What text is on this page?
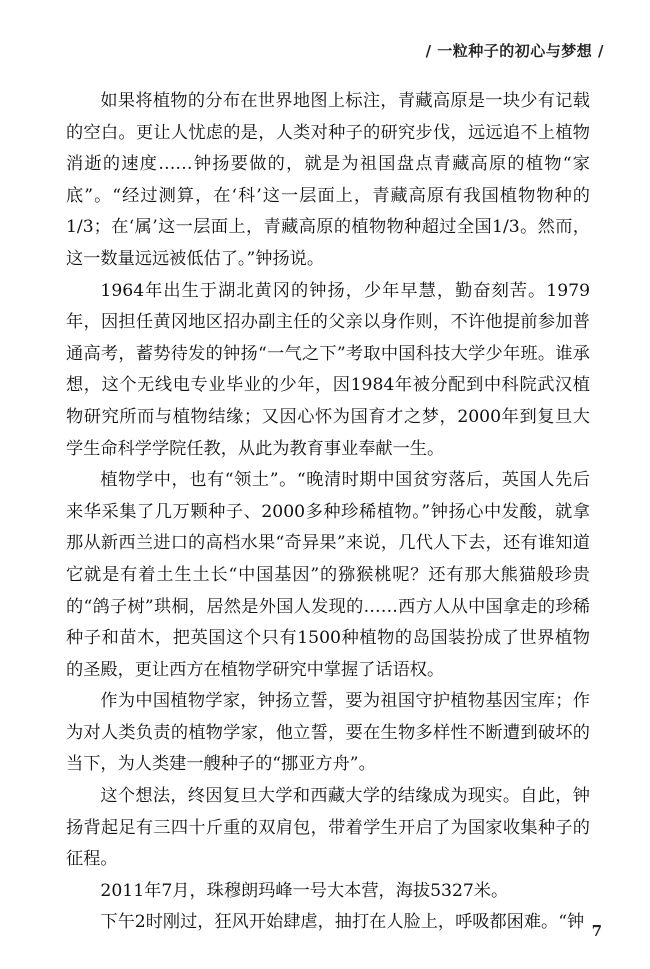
/ 一粒种子的初心与梦想 /

如果将植物的分布在世界地图上标注，青藏高原是一块少有记载的空白。更让人忧虑的是，人类对种子的研究步伐，远远追不上植物消逝的速度……钟扬要做的，就是为祖国盘点青藏高原的植物“家底”。“经过测算，在‘科’这一层面上，青藏高原有我国植物物种的1/3；在‘属’这一层面上，青藏高原的植物物种超过全国1/3。然而，这一数量远远被低估了。”钟扬说。

1964年出生于湖北黄冈的钟扬，少年早慧，勤奋刻苦。1979年，因担任黄冈地区招办副主任的父亲以身作则，不许他提前参加普通高考，蓄势待发的钟扬“一气之下”考取中国科技大学少年班。谁承想，这个无线电专业毕业的少年，因1984年被分配到中科院武汉植物研究所而与植物结缘；又因心怀为国育才之梦，2000年到复旦大学生命科学学院任教，从此为教育事业奉献一生。

植物学中，也有“领土”。“晚清时期中国贫穷落后，英国人先后来华采集了几万颗种子、2000多种珍稀植物。”钟扬心中发酸，就拿那从新西兰进口的高档水果“奇异果”来说，几代人下去，还有谁知道它就是有着土生土长“中国基因”的猕猴桃呢？还有那大熊猫般珍贵的“鸽子树”珙桐，居然是外国人发现的……西方人从中国拿走的珍稀种子和苗木，把英国这个只有1500种植物的岛国装扮成了世界植物的圣殿，更让西方在植物学研究中掌握了话语权。

作为中国植物学家，钟扬立誓，要为祖国守护植物基因宝库；作为对人类负责的植物学家，他立誓，要在生物多样性不断遭到破坏的当下，为人类建一艘种子的“挪亚方舟”。

这个想法，终因复旦大学和西藏大学的结缘成为现实。自此，钟扬背起足有三四十斤重的双肩包，带着学生开启了为国家收集种子的征程。

2011年7月，珠穆朗玛峰一号大本营，海拔5327米。

下午2时刚过，狂风开始肆虐，抽打在人脸上，呼吸都困难。“钟 7
